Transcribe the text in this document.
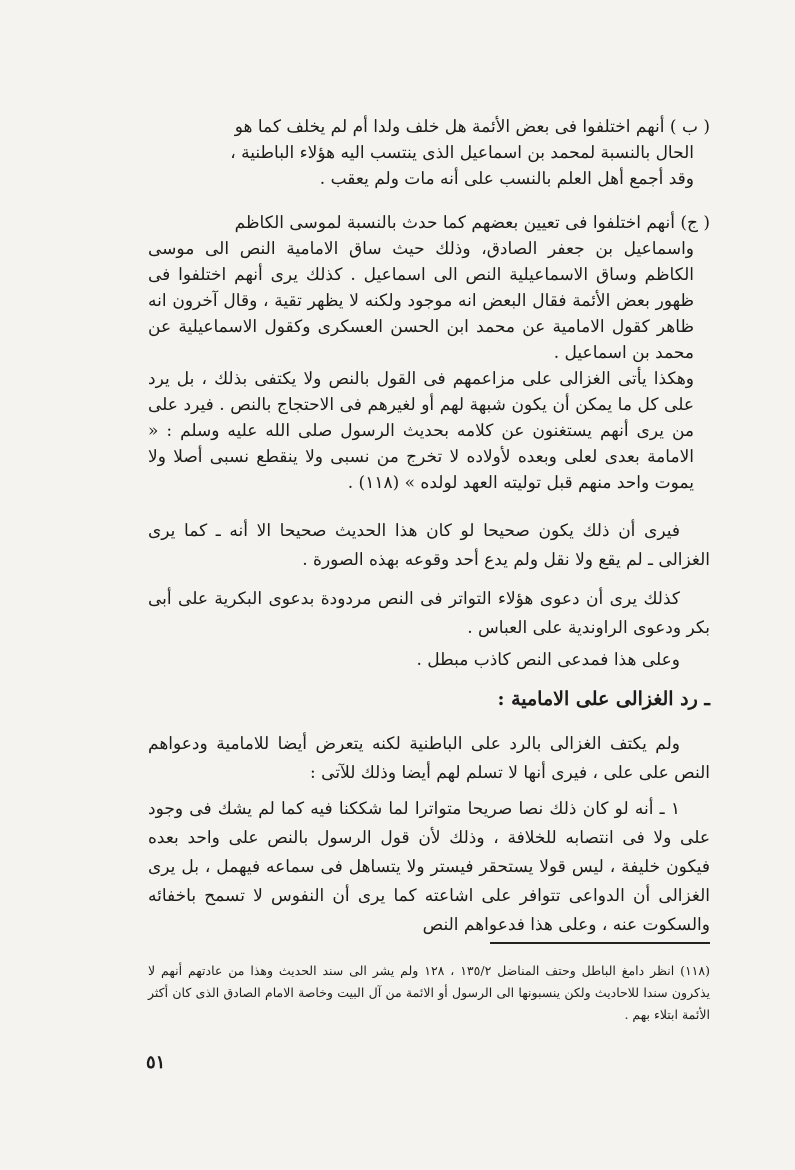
( ب ) أنهم اختلفوا فى بعض الأئمة هل خلف ولدا أم لم يخلف كما هو
الحال بالنسبة لمحمد بن اسماعيل الذى ينتسب اليه هؤلاء الباطنية ،
وقد أجمع أهل العلم بالنسب على أنه مات ولم يعقب .
( ج) أنهم اختلفوا فى تعيين بعضهم كما حدث بالنسبة لموسى الكاظم
واسماعيل بن جعفر الصادق، وذلك حيث ساق الامامية النص الى موسى الكاظم وساق الاسماعيلية النص الى اسماعيل . كذلك يرى أنهم اختلفوا فى ظهور بعض الأئمة فقال البعض انه موجود ولكنه لا يظهر تقية ، وقال آخرون انه ظاهر كقول الامامية عن محمد ابن الحسن العسكرى وكقول الاسماعيلية عن محمد بن اسماعيل .
وهكذا يأتى الغزالى على مزاعمهم فى القول بالنص ولا يكتفى بذلك ، بل يرد على كل ما يمكن أن يكون شبهة لهم أو لغيرهم فى الاحتجاج بالنص . فيرد على من يرى أنهم يستغنون عن كلامه بحديث الرسول صلى الله عليه وسلم : « الامامة بعدى لعلى وبعده لأولاده لا تخرج من نسبى ولا ينقطع نسبى أصلا ولا يموت واحد منهم قبل توليته العهد لولده » (١١٨) .
فيرى أن ذلك يكون صحيحا لو كان هذا الحديث صحيحا الا أنه ـ كما يرى الغزالى ـ لم يقع ولا نقل ولم يدع أحد وقوعه بهذه الصورة .
كذلك يرى أن دعوى هؤلاء التواتر فى النص مردودة بدعوى البكرية على أبى بكر ودعوى الراوندية على العباس .
وعلى هذا فمدعى النص كاذب مبطل .
ـ رد الغزالى على الامامية :
ولم يكتف الغزالى بالرد على الباطنية لكنه يتعرض أيضا للامامية ودعواهم النص على على ، فيرى أنها لا تسلم لهم أيضا وذلك للآتى :
١ ـ أنه لو كان ذلك نصا صريحا متواترا لما شككنا فيه كما لم يشك فى وجود على ولا فى انتصابه للخلافة ، وذلك لأن قول الرسول بالنص على واحد بعده فيكون خليفة ، ليس قولا يستحقر فيستر ولا يتساهل فى سماعه فيهمل ، بل يرى الغزالى أن الدواعى تتوافر على اشاعته كما يرى أن النفوس لا تسمح باخفائه والسكوت عنه ، وعلى هذا فدعواهم النص
(١١٨) انظر دامغ الباطل وحتف المناضل ١٣٥/٢ ، ١٢٨ ولم يشر الى سند الحديث وهذا من عادتهم أنهم لا يذكرون سندا للاحاديث ولكن ينسبونها الى الرسول أو الائمة من آل البيت وخاصة الامام الصادق الذى كان أكثر الأئمة ابتلاء بهم .
٥١
